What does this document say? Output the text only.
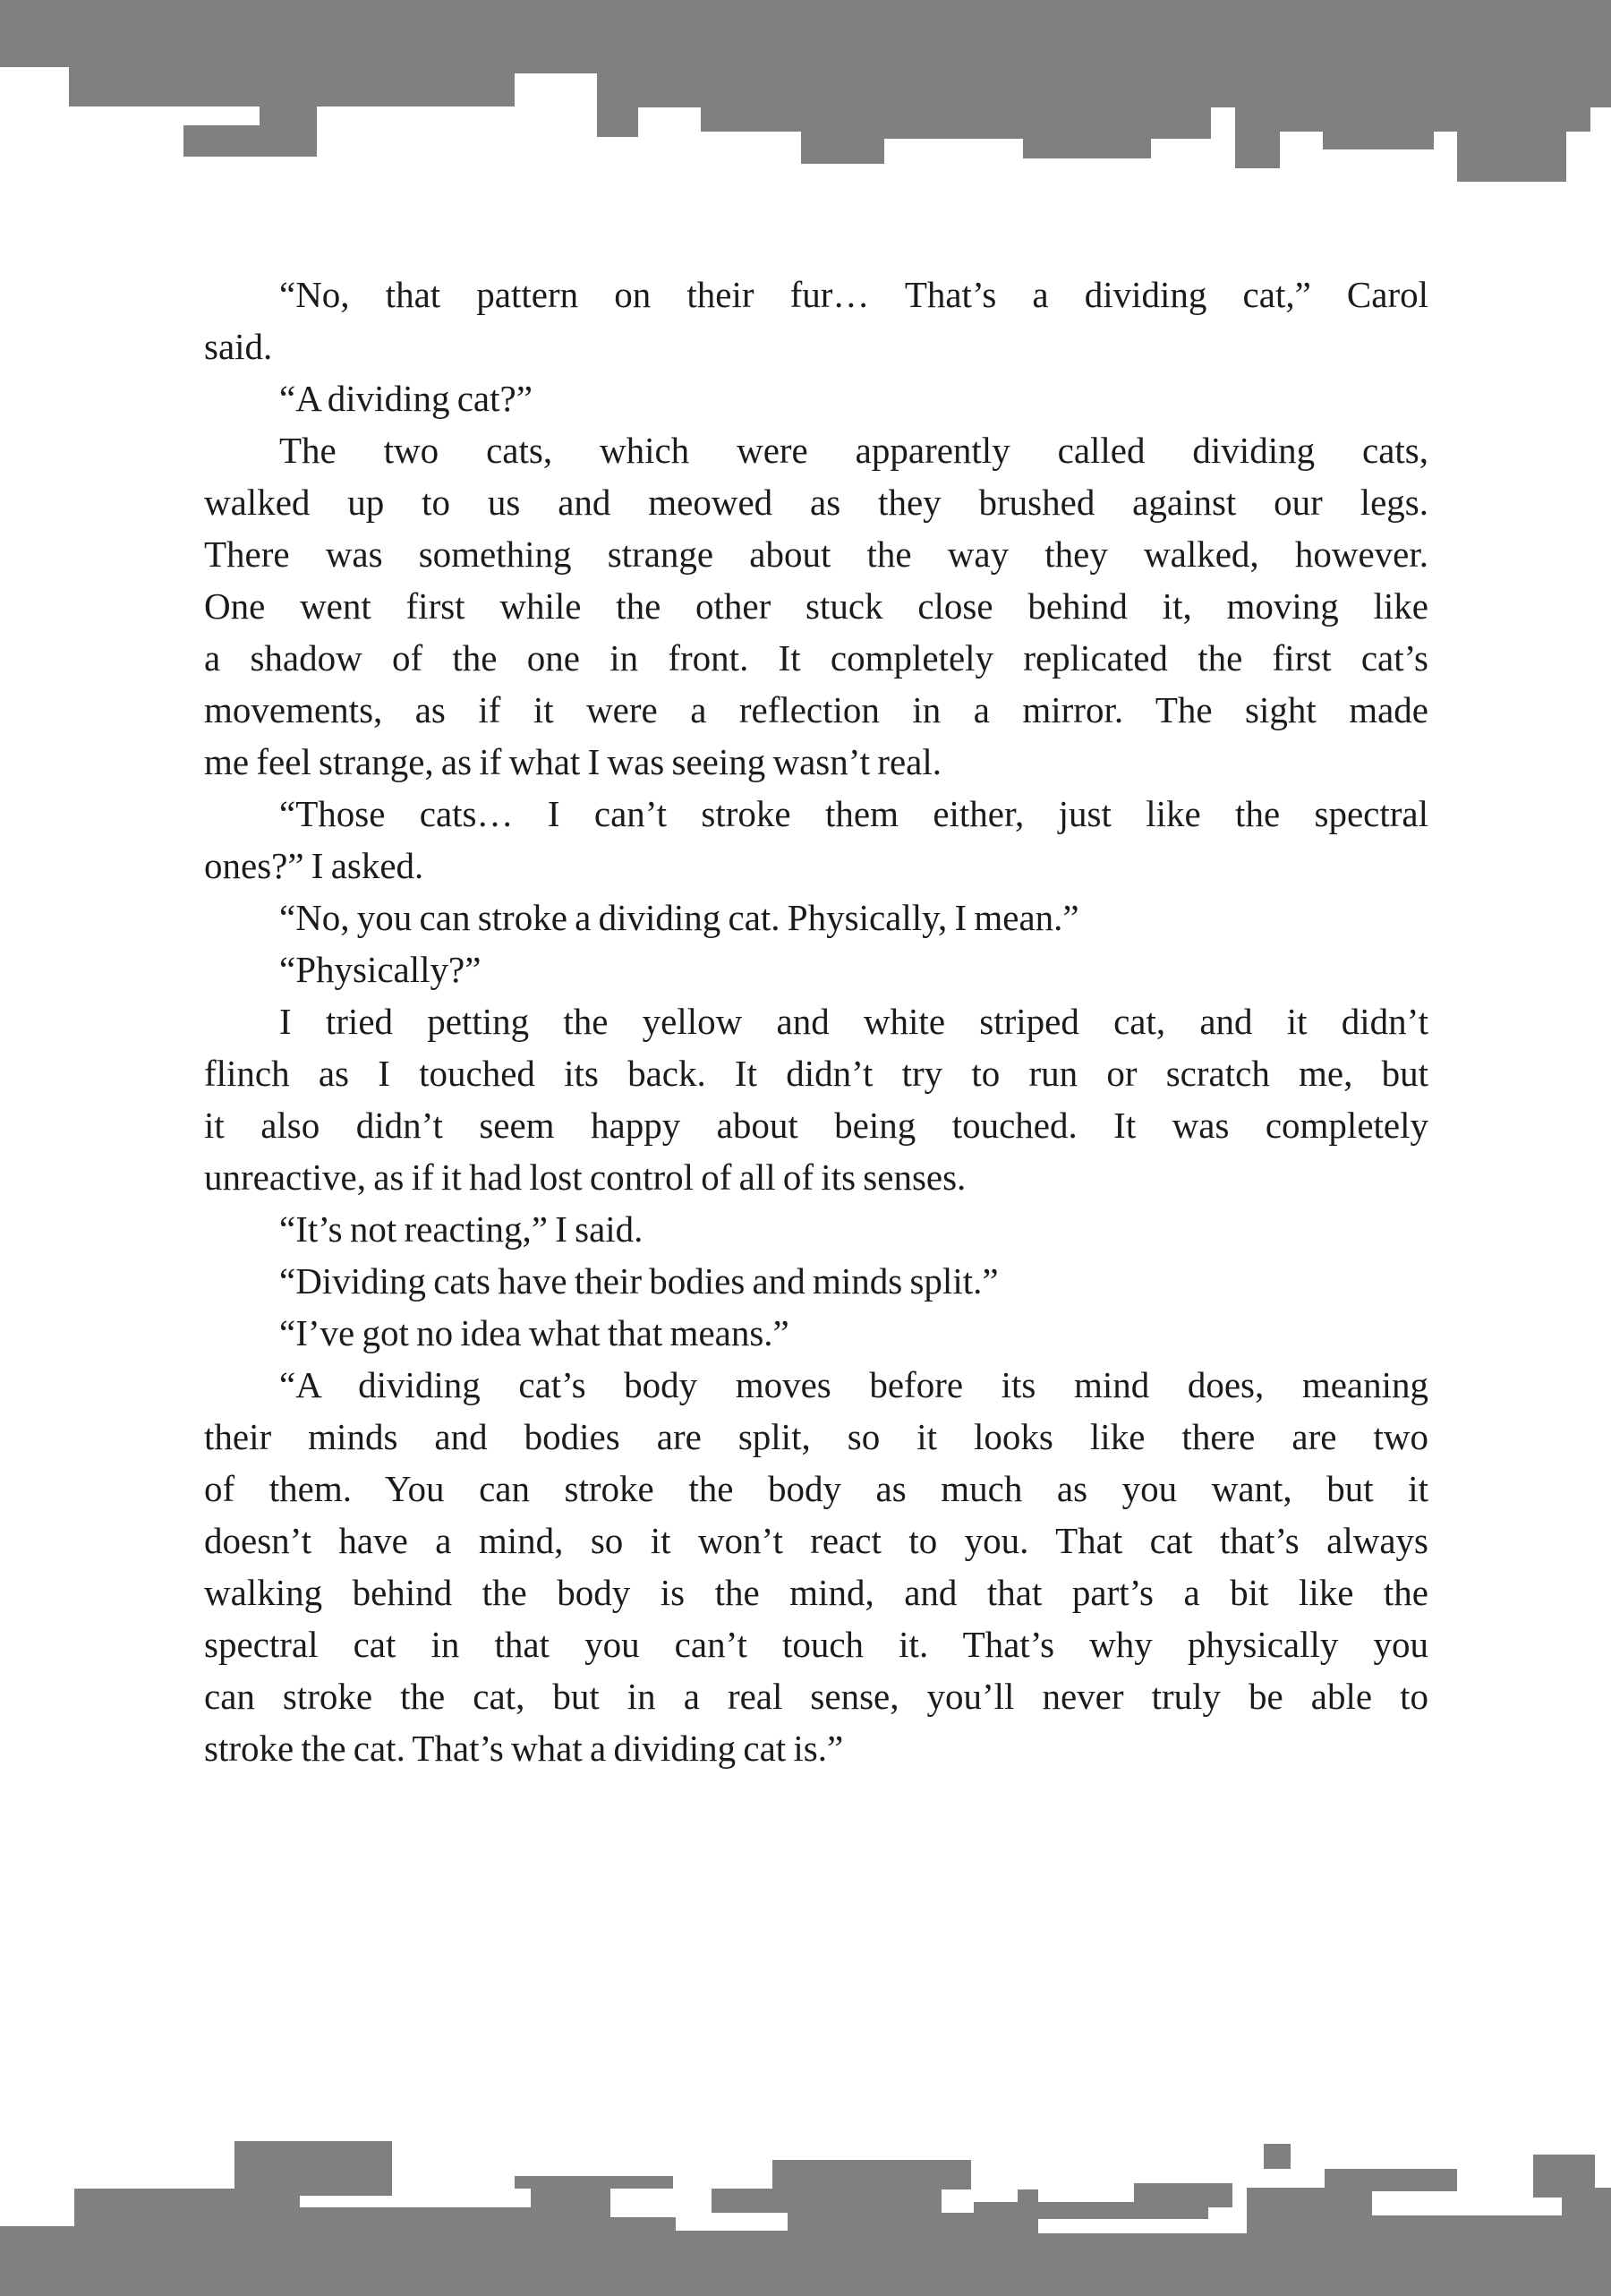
“No, that pattern on their fur… That’s a dividing cat,” Carol
said.
“A dividing cat?”
The two cats, which were apparently called dividing cats,
walked up to us and meowed as they brushed against our legs.
There was something strange about the way they walked, however.
One went first while the other stuck close behind it, moving like
a shadow of the one in front. It completely replicated the first cat’s
movements, as if it were a reflection in a mirror. The sight made
me feel strange, as if what I was seeing wasn’t real.
“Those cats… I can’t stroke them either, just like the spectral
ones?” I asked.
“No, you can stroke a dividing cat. Physically, I mean.”
“Physically?”
I tried petting the yellow and white striped cat, and it didn’t
flinch as I touched its back. It didn’t try to run or scratch me, but
it also didn’t seem happy about being touched. It was completely
unreactive, as if it had lost control of all of its senses.
“It’s not reacting,” I said.
“Dividing cats have their bodies and minds split.”
“I’ve got no idea what that means.”
“A dividing cat’s body moves before its mind does, meaning
their minds and bodies are split, so it looks like there are two
of them. You can stroke the body as much as you want, but it
doesn’t have a mind, so it won’t react to you. That cat that’s always
walking behind the body is the mind, and that part’s a bit like the
spectral cat in that you can’t touch it. That’s why physically you
can stroke the cat, but in a real sense, you’ll never truly be able to
stroke the cat. That’s what a dividing cat is.”
